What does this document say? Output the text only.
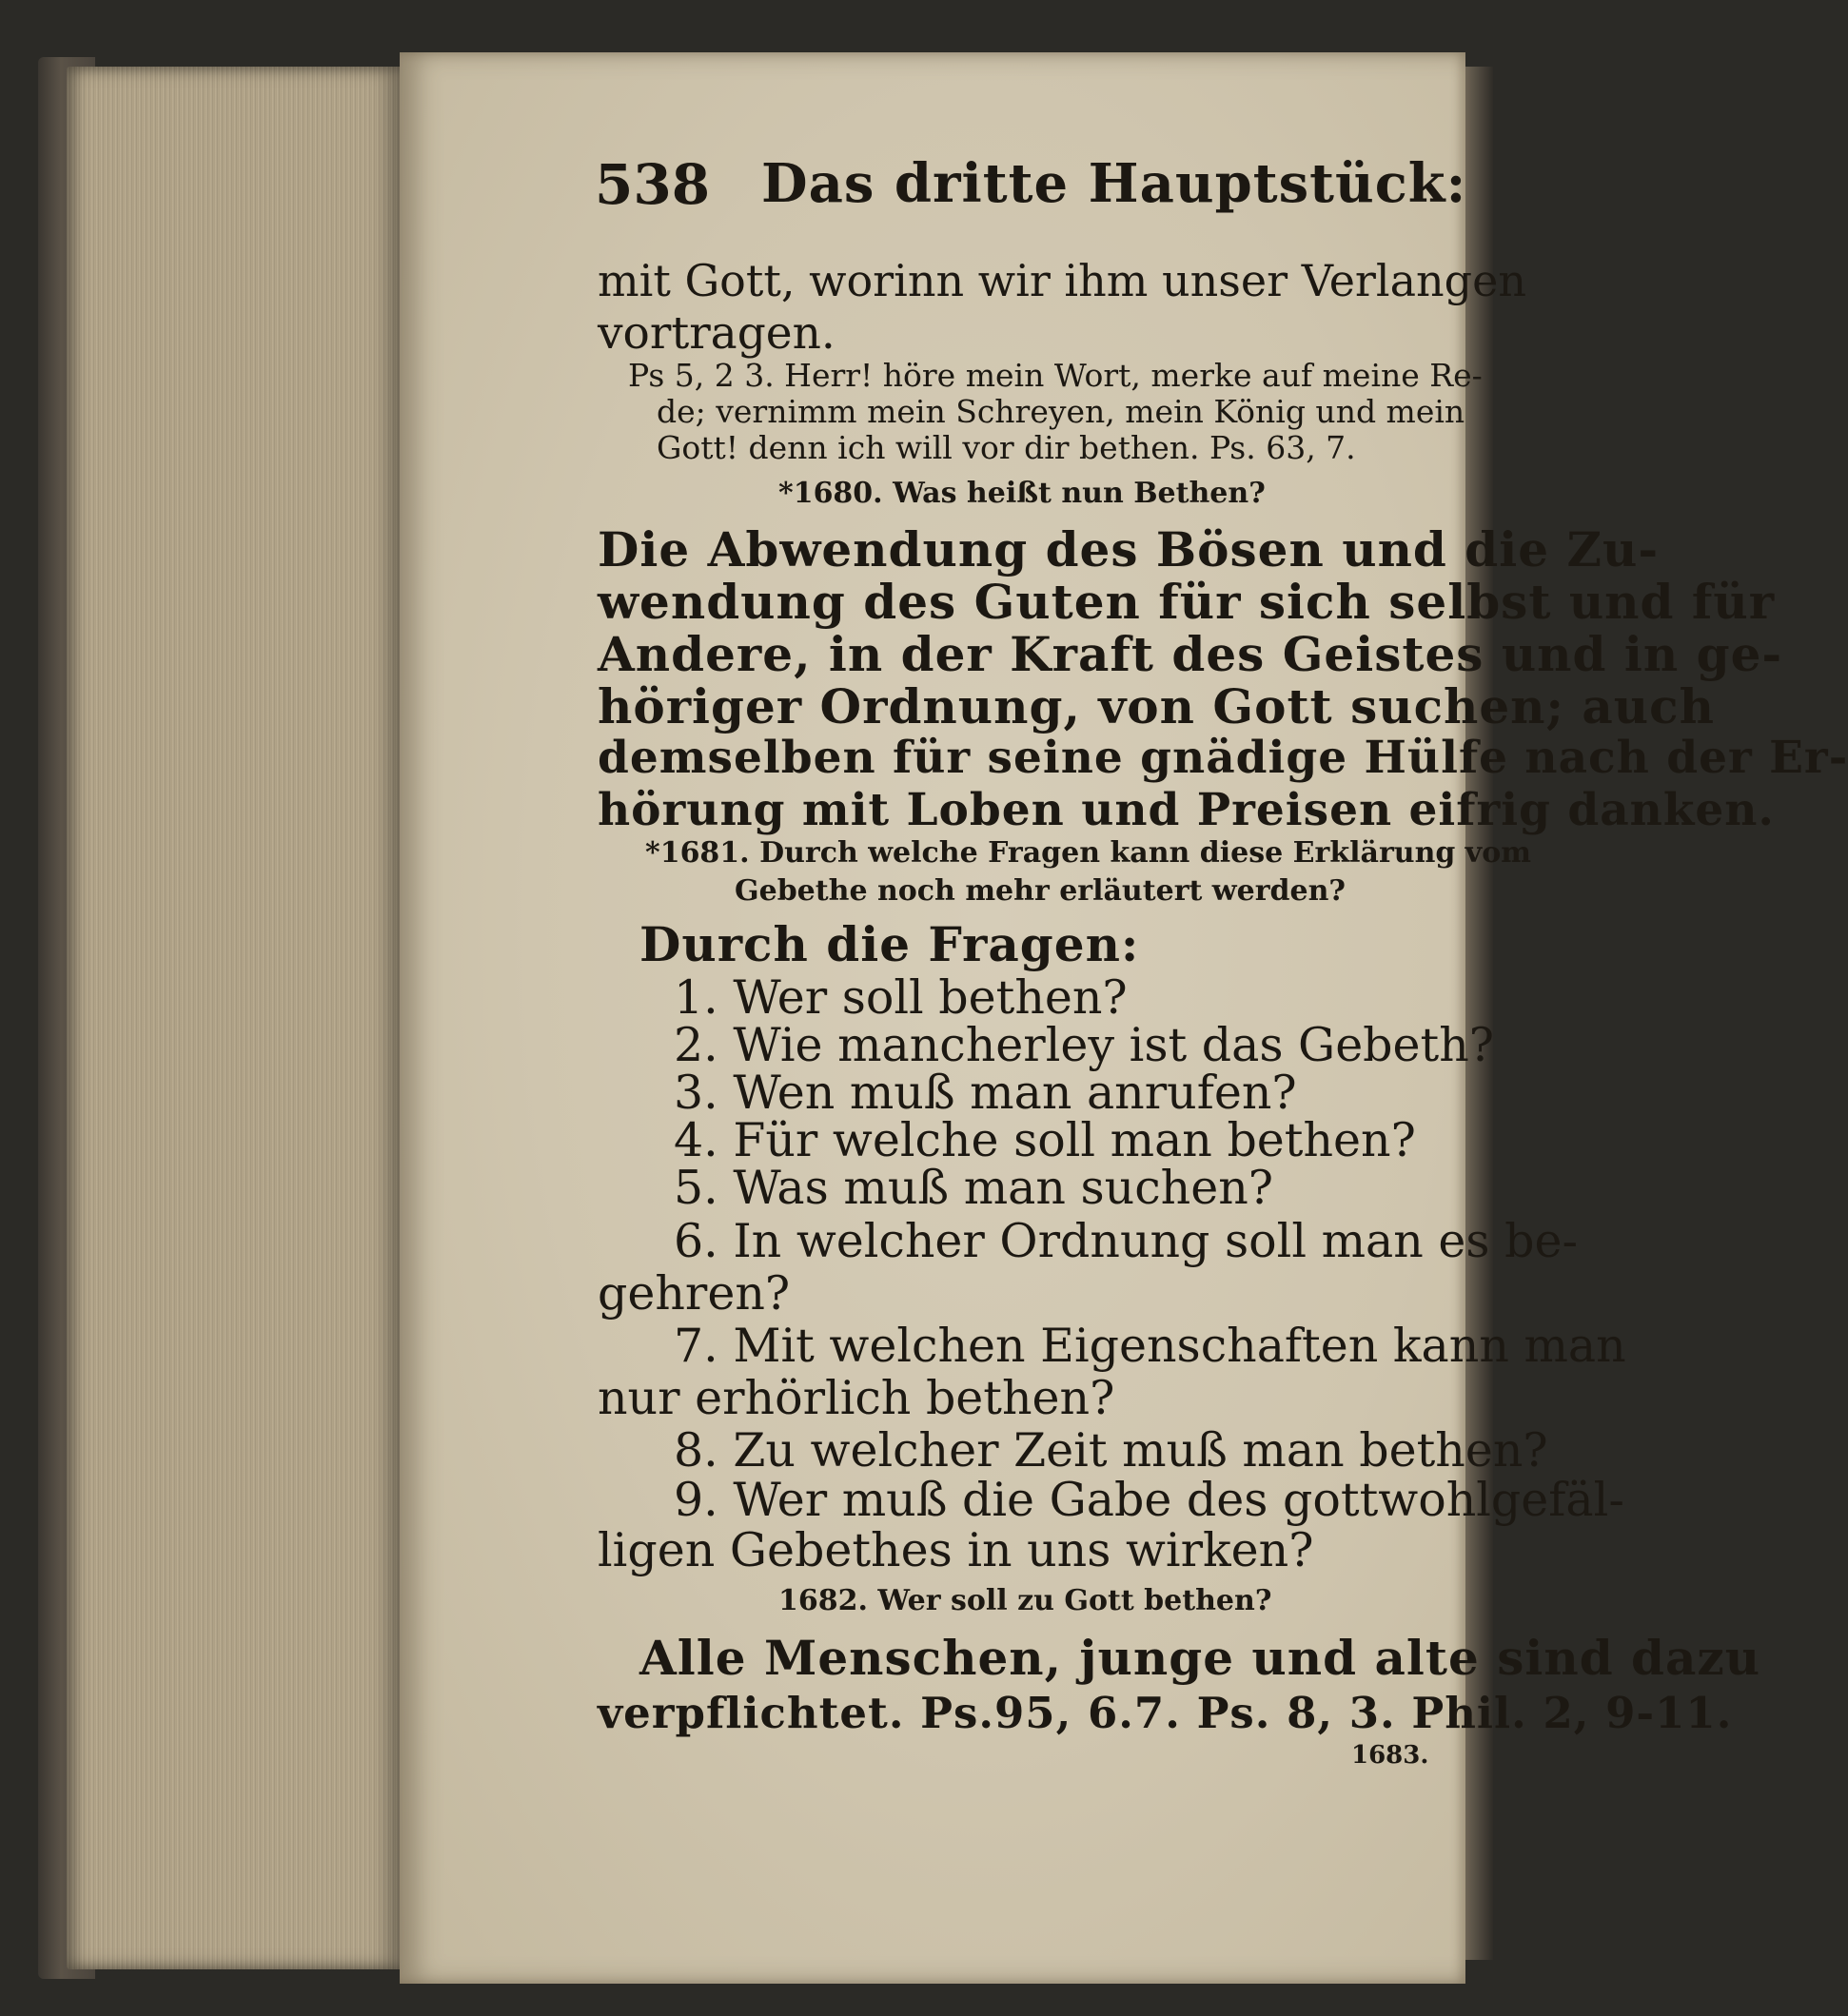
538 Das dritte Hauptstück:
mit Gott, worinn wir ihm unser Verlangen
vortragen.
Ps 5, 2 3. Herr! höre mein Wort, merke auf meine Re-
de; vernimm mein Schreyen, mein König und mein
Gott! denn ich will vor dir bethen. Ps. 63, 7.
*1680. Was heißt nun Bethen?
Die Abwendung des Bösen und die Zu-
wendung des Guten für sich selbst und für
Andere, in der Kraft des Geistes und in ge-
höriger Ordnung, von Gott suchen; auch
demselben für seine gnädige Hülfe nach der Er-
hörung mit Loben und Preisen eifrig danken.
*1681. Durch welche Fragen kann diese Erklärung vom
Gebethe noch mehr erläutert werden?
Durch die Fragen:
1. Wer soll bethen?
2. Wie mancherley ist das Gebeth?
3. Wen muß man anrufen?
4. Für welche soll man bethen?
5. Was muß man suchen?
6. In welcher Ordnung soll man es be-
gehren?
7. Mit welchen Eigenschaften kann man
nur erhörlich bethen?
8. Zu welcher Zeit muß man bethen?
9. Wer muß die Gabe des gottwohlgefäl-
ligen Gebethes in uns wirken?
1682. Wer soll zu Gott bethen?
Alle Menschen, junge und alte sind dazu
verpflichtet. Ps.95, 6.7. Ps. 8, 3. Phil. 2, 9-11.
1683.
